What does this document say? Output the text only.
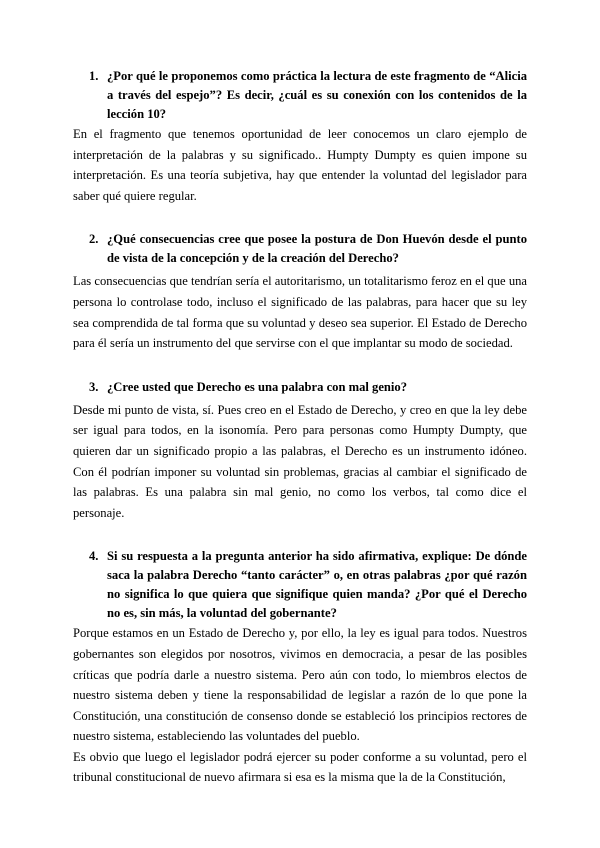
1. ¿Por qué le proponemos como práctica la lectura de este fragmento de “Alicia a través del espejo”? Es decir, ¿cuál es su conexión con los contenidos de la lección 10?

En el fragmento que tenemos oportunidad de leer conocemos un claro ejemplo de interpretación de la palabras y su significado.. Humpty Dumpty es quien impone su interpretación. Es una teoría subjetiva, hay que entender la voluntad del legislador para saber qué quiere regular.

2. ¿Qué consecuencias cree que posee la postura de Don Huevón desde el punto de vista de la concepción y de la creación del Derecho?

Las consecuencias que tendrían sería el autoritarismo, un totalitarismo feroz en el que una persona lo controlase todo, incluso el significado de las palabras, para hacer que su ley sea comprendida de tal forma que su voluntad y deseo sea superior. El Estado de Derecho para él sería un instrumento del que servirse con el que implantar su modo de sociedad.

3. ¿Cree usted que Derecho es una palabra con mal genio?

Desde mi punto de vista, sí. Pues creo en el Estado de Derecho, y creo en que la ley debe ser igual para todos, en la isonomía. Pero para personas como Humpty Dumpty, que quieren dar un significado propio a las palabras, el Derecho es un instrumento idóneo. Con él podrían imponer su voluntad sin problemas, gracias al cambiar el significado de las palabras. Es una palabra sin mal genio, no como los verbos, tal como dice el personaje.

4. Si su respuesta a la pregunta anterior ha sido afirmativa, explique: De dónde saca la palabra Derecho “tanto carácter” o, en otras palabras ¿por qué razón no significa lo que quiera que signifique quien manda? ¿Por qué el Derecho no es, sin más, la voluntad del gobernante?

Porque estamos en un Estado de Derecho y, por ello, la ley es igual para todos. Nuestros gobernantes son elegidos por nosotros, vivimos en democracia, a pesar de las posibles críticas que podría darle a nuestro sistema. Pero aún con todo, lo miembros electos de nuestro sistema deben y tiene la responsabilidad de legislar a razón de lo que pone la Constitución, una constitución de consenso donde se estableció los principios rectores de nuestro sistema, estableciendo las voluntades del pueblo.

Es obvio que luego el legislador podrá ejercer su poder conforme a su voluntad, pero el tribunal constitucional de nuevo afirmara si esa es la misma que la de la Constitución,
